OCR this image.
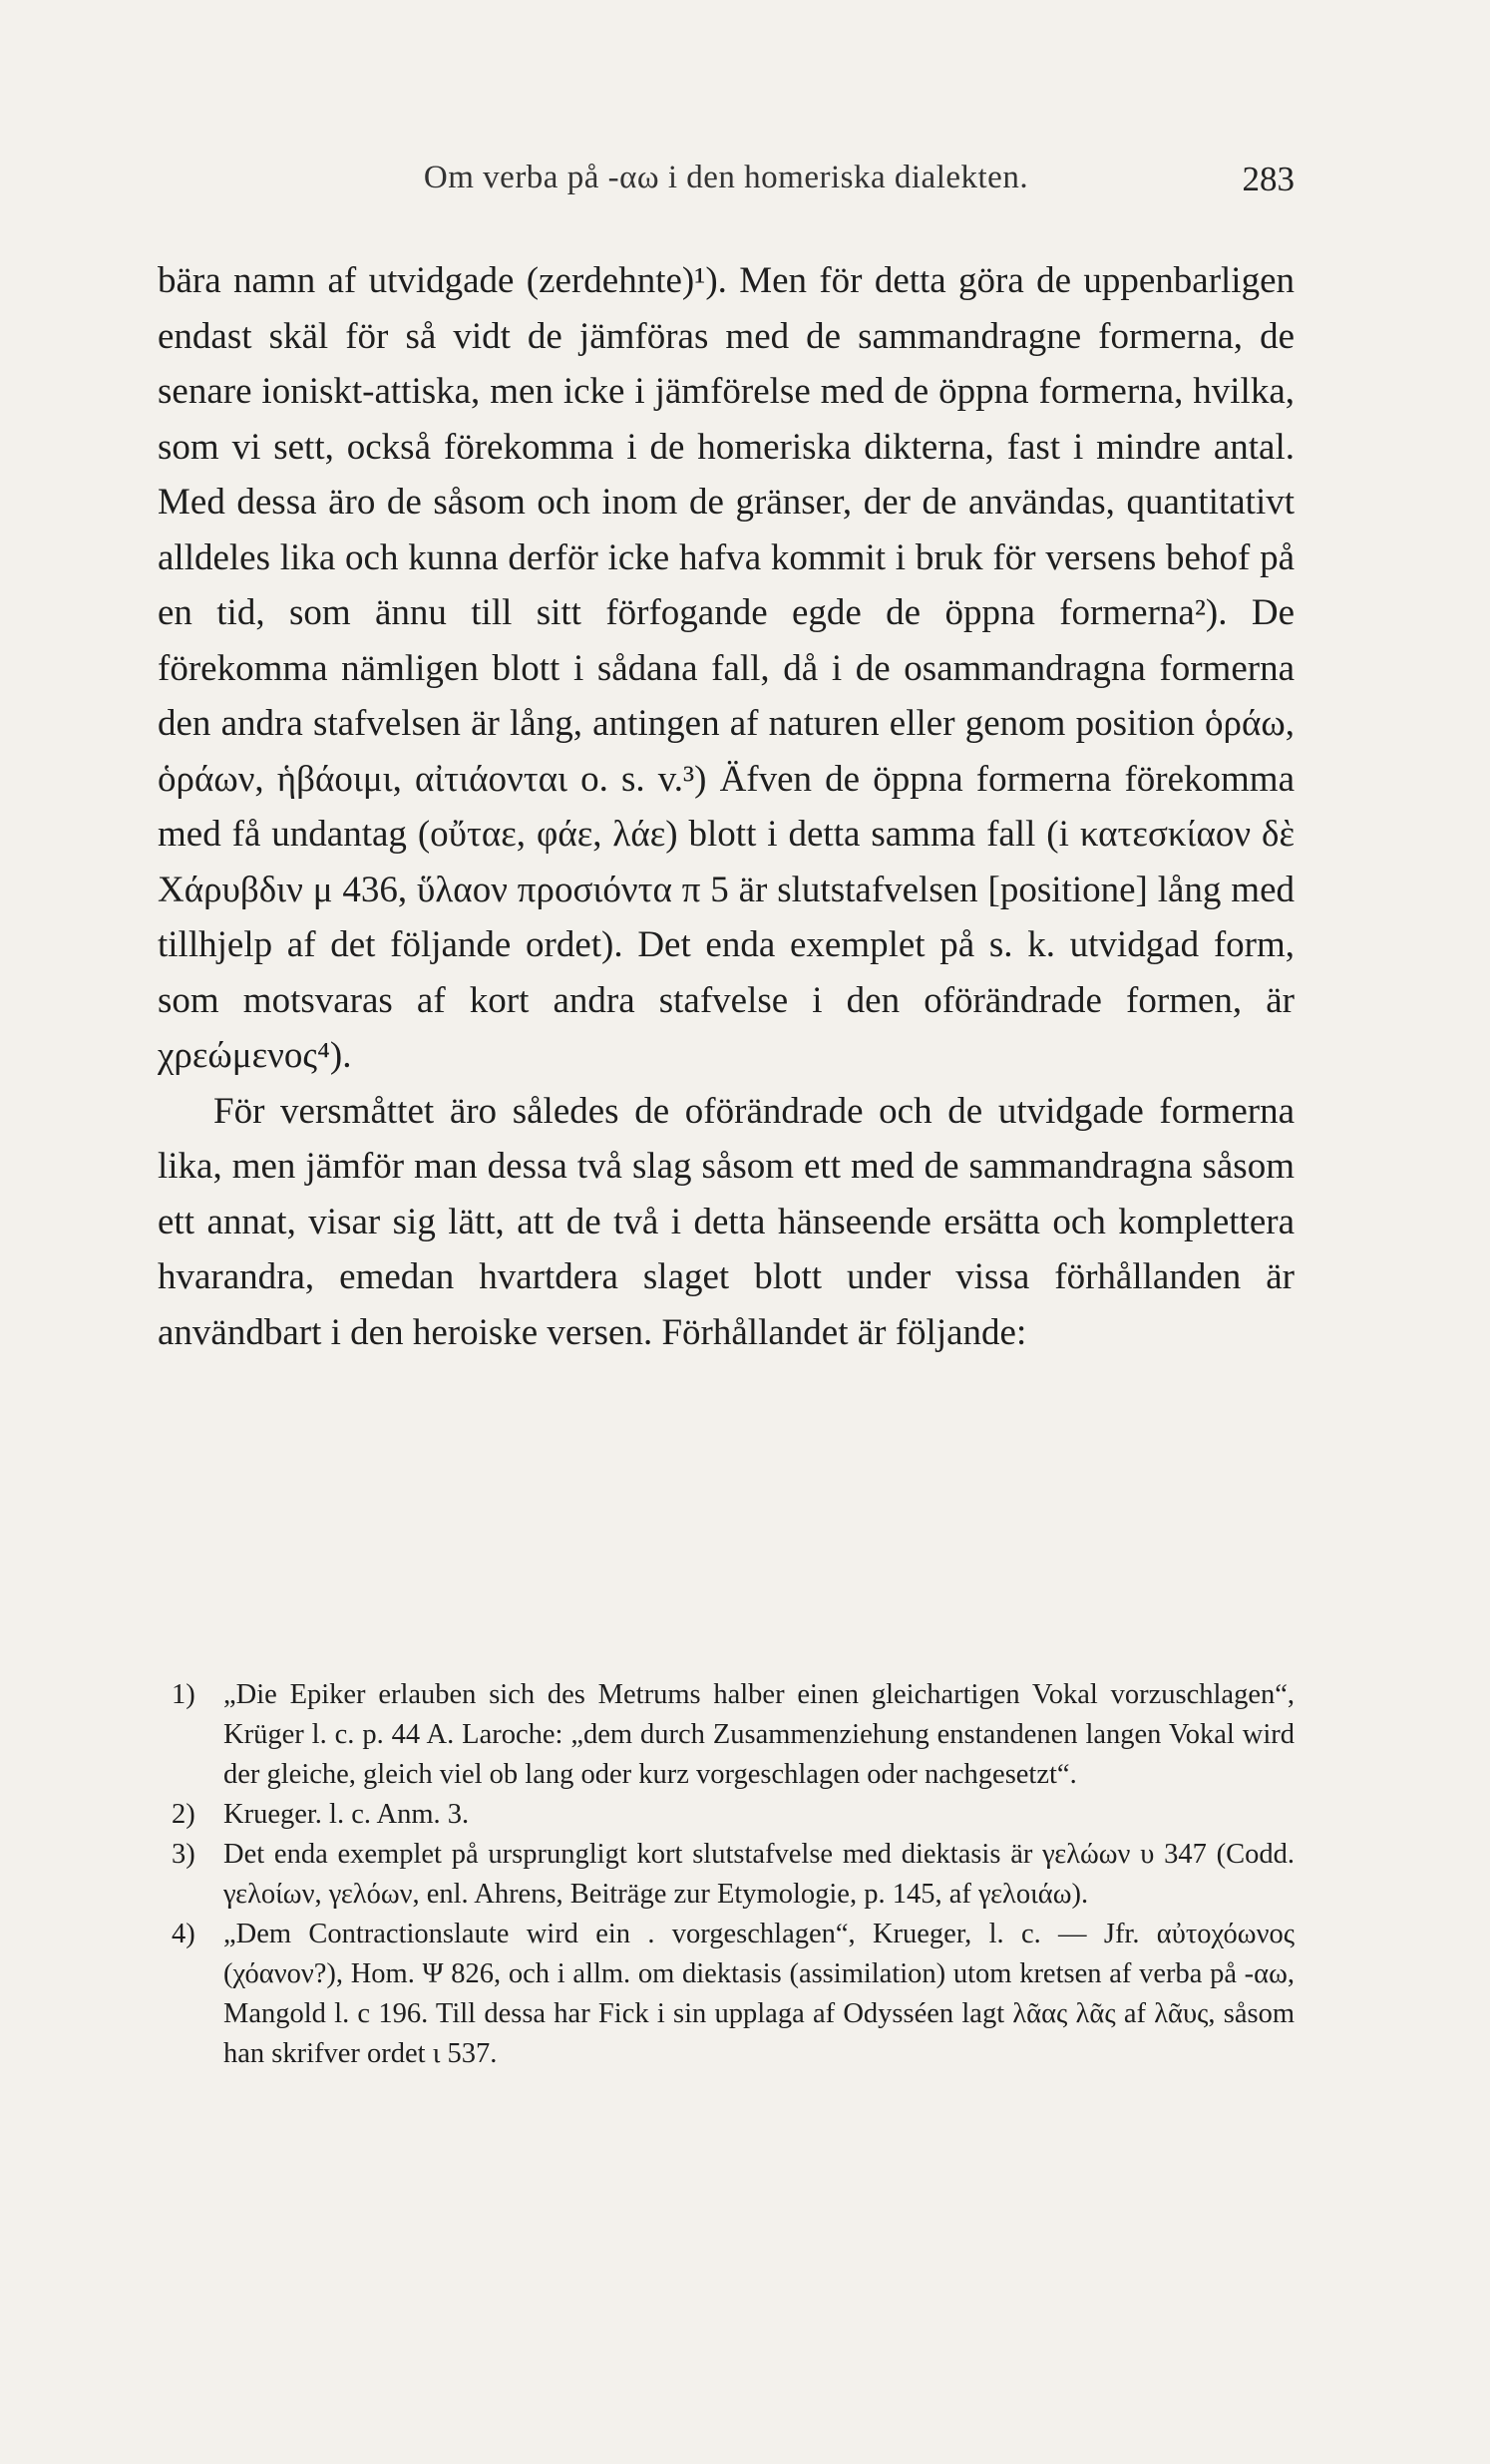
Om verba på -αω i den homeriska dialekten.	283

bära namn af utvidgade (zerdehnte)¹). Men för detta göra de uppenbarligen endast skäl för så vidt de jämföras med de sammandragne formerna, de senare ioniskt-attiska, men icke i jämförelse med de öppna formerna, hvilka, som vi sett, också förekomma i de homeriska dikterna, fast i mindre antal. Med dessa äro de såsom och inom de gränser, der de användas, quantitativt alldeles lika och kunna derför icke hafva kommit i bruk för versens behof på en tid, som ännu till sitt förfogande egde de öppna formerna²). De förekomma nämligen blott i sådana fall, då i de osammandragna formerna den andra stafvelsen är lång, antingen af naturen eller genom position ὁράω, ὁράων, ἡβάοιμι, αἰτιάονται o. s. v.³) Äfven de öppna formerna förekomma med få undantag (οὔταε, φάε, λάε) blott i detta samma fall (i κατεσκίαον δὲ Χάρυβδιν μ 436, ὕλαον προσιόντα π 5 är slutstafvelsen [positione] lång med tillhjelp af det följande ordet). Det enda exemplet på s. k. utvidgad form, som motsvaras af kort andra stafvelse i den oförändrade formen, är χρεώμενος⁴).

För versmåttet äro således de oförändrade och de utvidgade formerna lika, men jämför man dessa två slag såsom ett med de sammandragna såsom ett annat, visar sig lätt, att de två i detta hänseende ersätta och komplettera hvarandra, emedan hvartdera slaget blott under vissa förhållanden är användbart i den heroiske versen. Förhållandet är följande:

1) „Die Epiker erlauben sich des Metrums halber einen gleichartigen Vokal vorzuschlagen“, Krüger l. c. p. 44 A. Laroche: „dem durch Zusammenziehung enstandenen langen Vokal wird der gleiche, gleich viel ob lang oder kurz vorgeschlagen oder nachgesetzt“.
2) Krueger. l. c. Anm. 3.
3) Det enda exemplet på ursprungligt kort slutstafvelse med diektasis är γελώων υ 347 (Codd. γελοίων, γελόων, enl. Ahrens, Beiträge zur Etymologie, p. 145, af γελοιάω).
4) „Dem Contractionslaute wird ein . vorgeschlagen“, Krueger, l. c. — Jfr. αὐτοχόωνος (χόανον?), Hom. Ψ 826, och i allm. om diektasis (assimilation) utom kretsen af verba på -αω, Mangold l. c 196. Till dessa har Fick i sin upplaga af Odysséen lagt λᾶας λᾶς af λᾶυς, såsom han skrifver ordet ι 537.
